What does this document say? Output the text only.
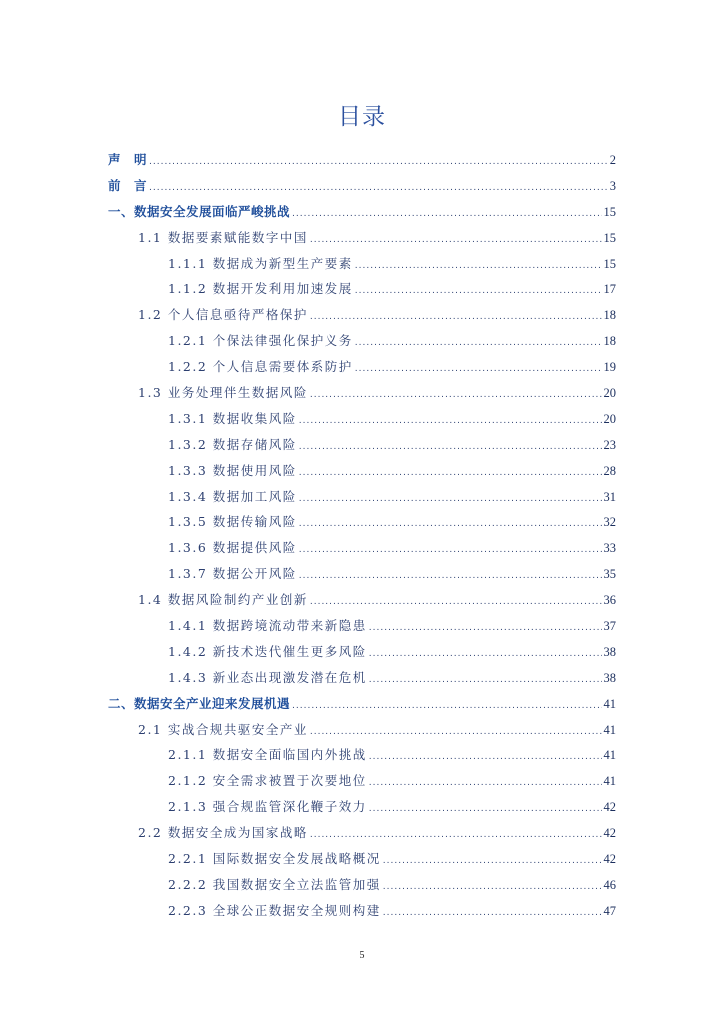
目录
声　明 .....	2
前　言 .....	3
一、数据安全发展面临严峻挑战 .....	15
1.1 数据要素赋能数字中国 .....	15
1.1.1 数据成为新型生产要素 .....	15
1.1.2 数据开发利用加速发展 .....	17
1.2 个人信息亟待严格保护 .....	18
1.2.1 个保法律强化保护义务 .....	18
1.2.2 个人信息需要体系防护 .....	19
1.3 业务处理伴生数据风险 .....	20
1.3.1 数据收集风险 .....	20
1.3.2 数据存储风险 .....	23
1.3.3 数据使用风险 .....	28
1.3.4 数据加工风险 .....	31
1.3.5 数据传输风险 .....	32
1.3.6 数据提供风险 .....	33
1.3.7 数据公开风险 .....	35
1.4 数据风险制约产业创新 .....	36
1.4.1 数据跨境流动带来新隐患 .....	37
1.4.2 新技术迭代催生更多风险 .....	38
1.4.3 新业态出现激发潜在危机 .....	38
二、数据安全产业迎来发展机遇 .....	41
2.1 实战合规共驱安全产业 .....	41
2.1.1 数据安全面临国内外挑战 .....	41
2.1.2 安全需求被置于次要地位 .....	41
2.1.3 强合规监管深化鞭子效力 .....	42
2.2 数据安全成为国家战略 .....	42
2.2.1 国际数据安全发展战略概况 .....	42
2.2.2 我国数据安全立法监管加强 .....	46
2.2.3 全球公正数据安全规则构建 .....	47
5
